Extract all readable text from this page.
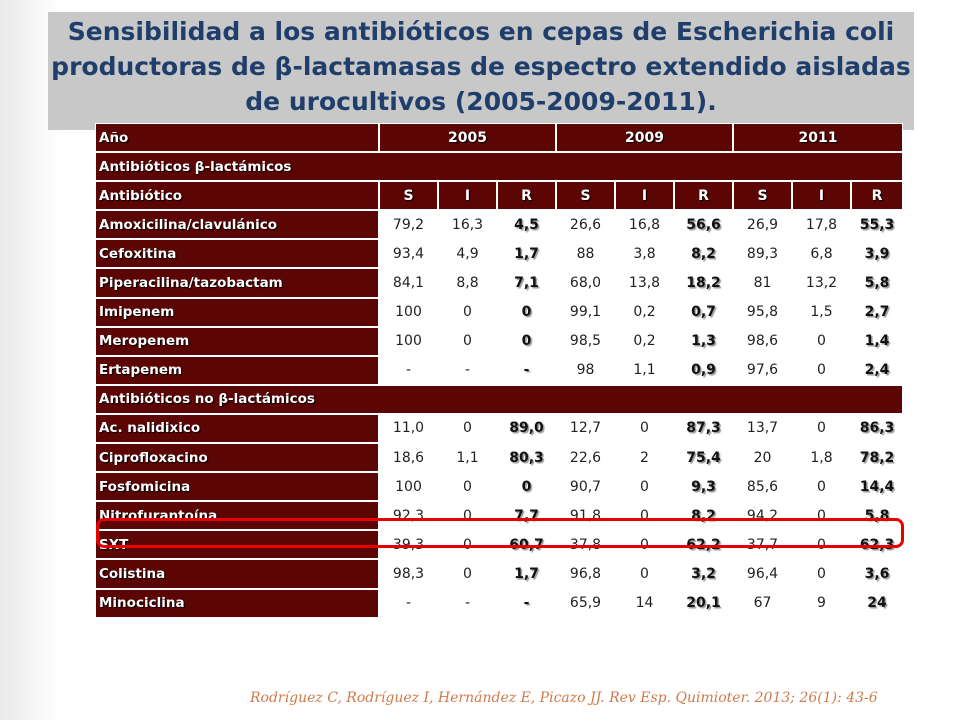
Sensibilidad a los antibióticos en cepas de Escherichia coli productoras de β-lactamasas de espectro extendido aisladas de urocultivos (2005-2009-2011).
Año	2005			2009			2011		
Antibióticos β-lactámicos									
Antibiótico	S	I	R	S	I	R	S	I	R
Amoxicilina/clavulánico	79,2	16,3	4,5	26,6	16,8	56,6	26,9	17,8	55,3
Cefoxitina	93,4	4,9	1,7	88	3,8	8,2	89,3	6,8	3,9
Piperacilina/tazobactam	84,1	8,8	7,1	68,0	13,8	18,2	81	13,2	5,8
Imipenem	100	0	0	99,1	0,2	0,7	95,8	1,5	2,7
Meropenem	100	0	0	98,5	0,2	1,3	98,6	0	1,4
Ertapenem	-	-	-	98	1,1	0,9	97,6	0	2,4
Antibióticos no β-lactámicos									
Ac. nalidixico	11,0	0	89,0	12,7	0	87,3	13,7	0	86,3
Ciprofloxacino	18,6	1,1	80,3	22,6	2	75,4	20	1,8	78,2
Fosfomicina	100	0	0	90,7	0	9,3	85,6	0	14,4
Nitrofurantoína	92,3	0	7,7	91,8	0	8,2	94,2	0	5,8
SXT	39,3	0	60,7	37,8	0	62,2	37,7	0	62,3
Colistina	98,3	0	1,7	96,8	0	3,2	96,4	0	3,6
Minociclina	-	-	-	65,9	14	20,1	67	9	24
Rodríguez C, Rodríguez I, Hernández E, Picazo JJ. Rev Esp. Quimioter. 2013; 26(1): 43-6
